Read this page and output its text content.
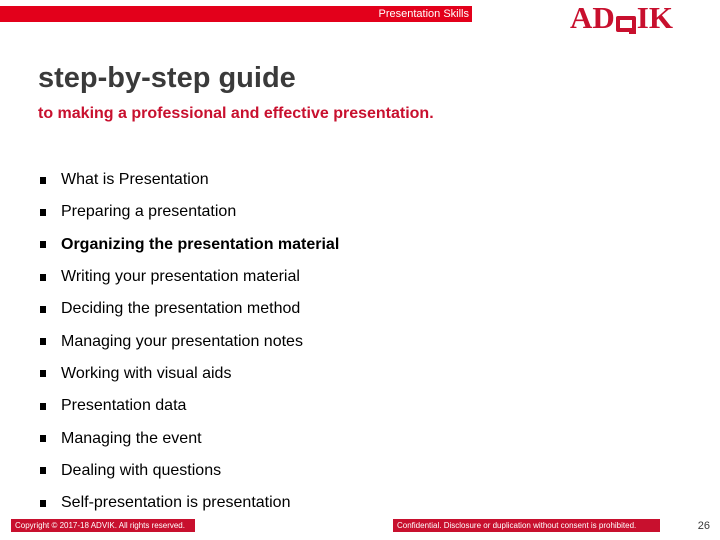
Presentation Skills	AD IK
step-by-step guide
to making a professional and effective presentation.
What is Presentation
Preparing a presentation
Organizing the presentation material
Writing your presentation material
Deciding the presentation method
Managing your presentation notes
Working with visual aids
Presentation data
Managing the event
Dealing with questions
Self-presentation is presentation
Copyright © 2017-18 ADVIK. All rights reserved.	Confidential. Disclosure or duplication without consent is prohibited.	26
